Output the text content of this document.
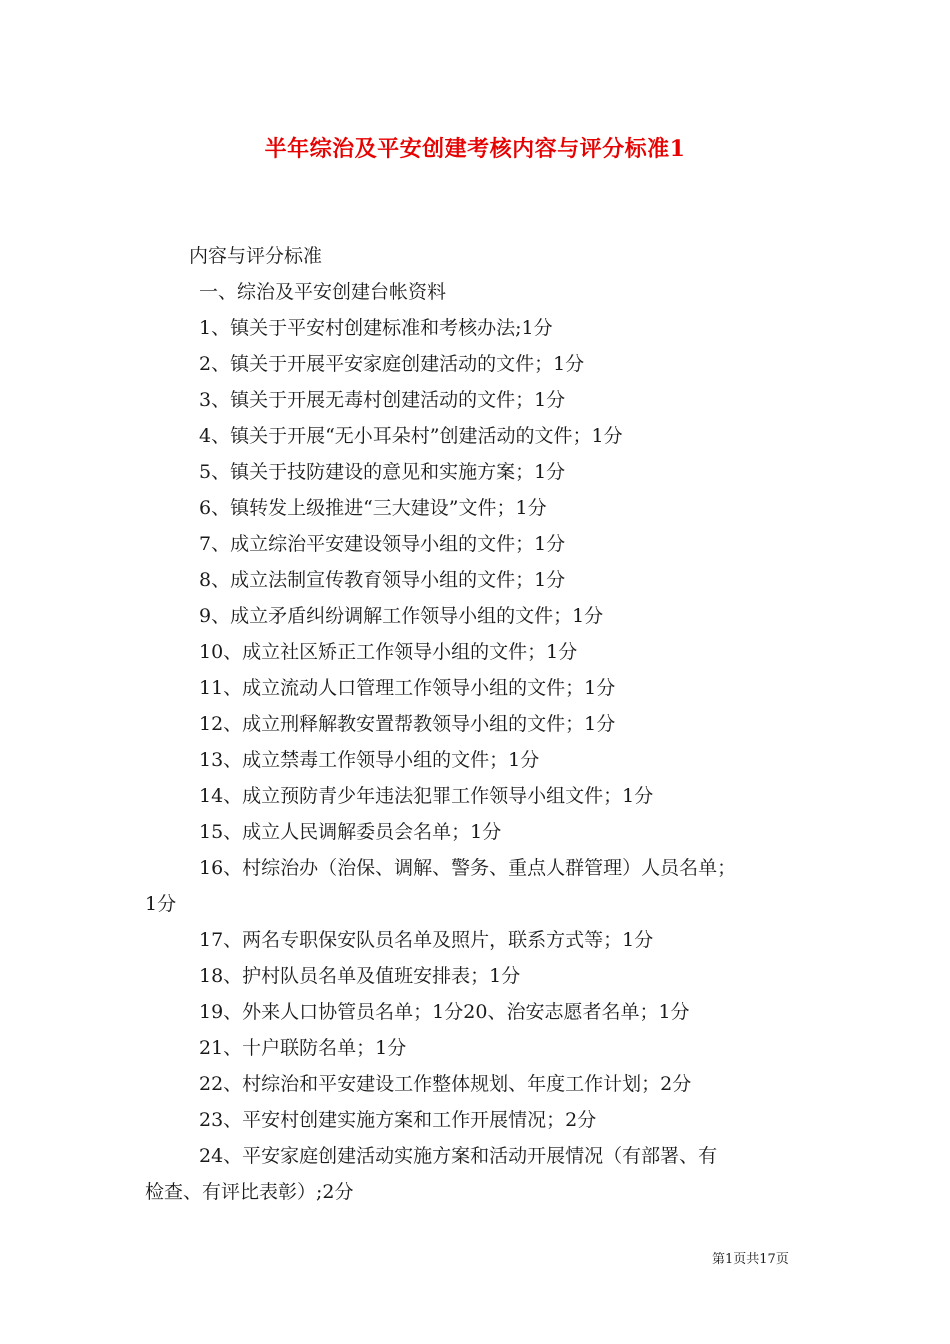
半年综治及平安创建考核内容与评分标准1
内容与评分标准
一、综治及平安创建台帐资料
1、镇关于平安村创建标准和考核办法;1分
2、镇关于开展平安家庭创建活动的文件；1分
3、镇关于开展无毒村创建活动的文件；1分
4、镇关于开展“无小耳朵村”创建活动的文件；1分
5、镇关于技防建设的意见和实施方案；1分
6、镇转发上级推进“三大建设”文件；1分
7、成立综治平安建设领导小组的文件；1分
8、成立法制宣传教育领导小组的文件；1分
9、成立矛盾纠纷调解工作领导小组的文件；1分
10、成立社区矫正工作领导小组的文件；1分
11、成立流动人口管理工作领导小组的文件；1分
12、成立刑释解教安置帮教领导小组的文件；1分
13、成立禁毒工作领导小组的文件；1分
14、成立预防青少年违法犯罪工作领导小组文件；1分
15、成立人民调解委员会名单；1分
16、村综治办（治保、调解、警务、重点人群管理）人员名单；
1分
17、两名专职保安队员名单及照片，联系方式等；1分
18、护村队员名单及值班安排表；1分
19、外来人口协管员名单；1分20、治安志愿者名单；1分
21、十户联防名单；1分
22、村综治和平安建设工作整体规划、年度工作计划；2分
23、平安村创建实施方案和工作开展情况；2分
24、平安家庭创建活动实施方案和活动开展情况（有部署、有
检查、有评比表彰）;2分
第1页共17页
